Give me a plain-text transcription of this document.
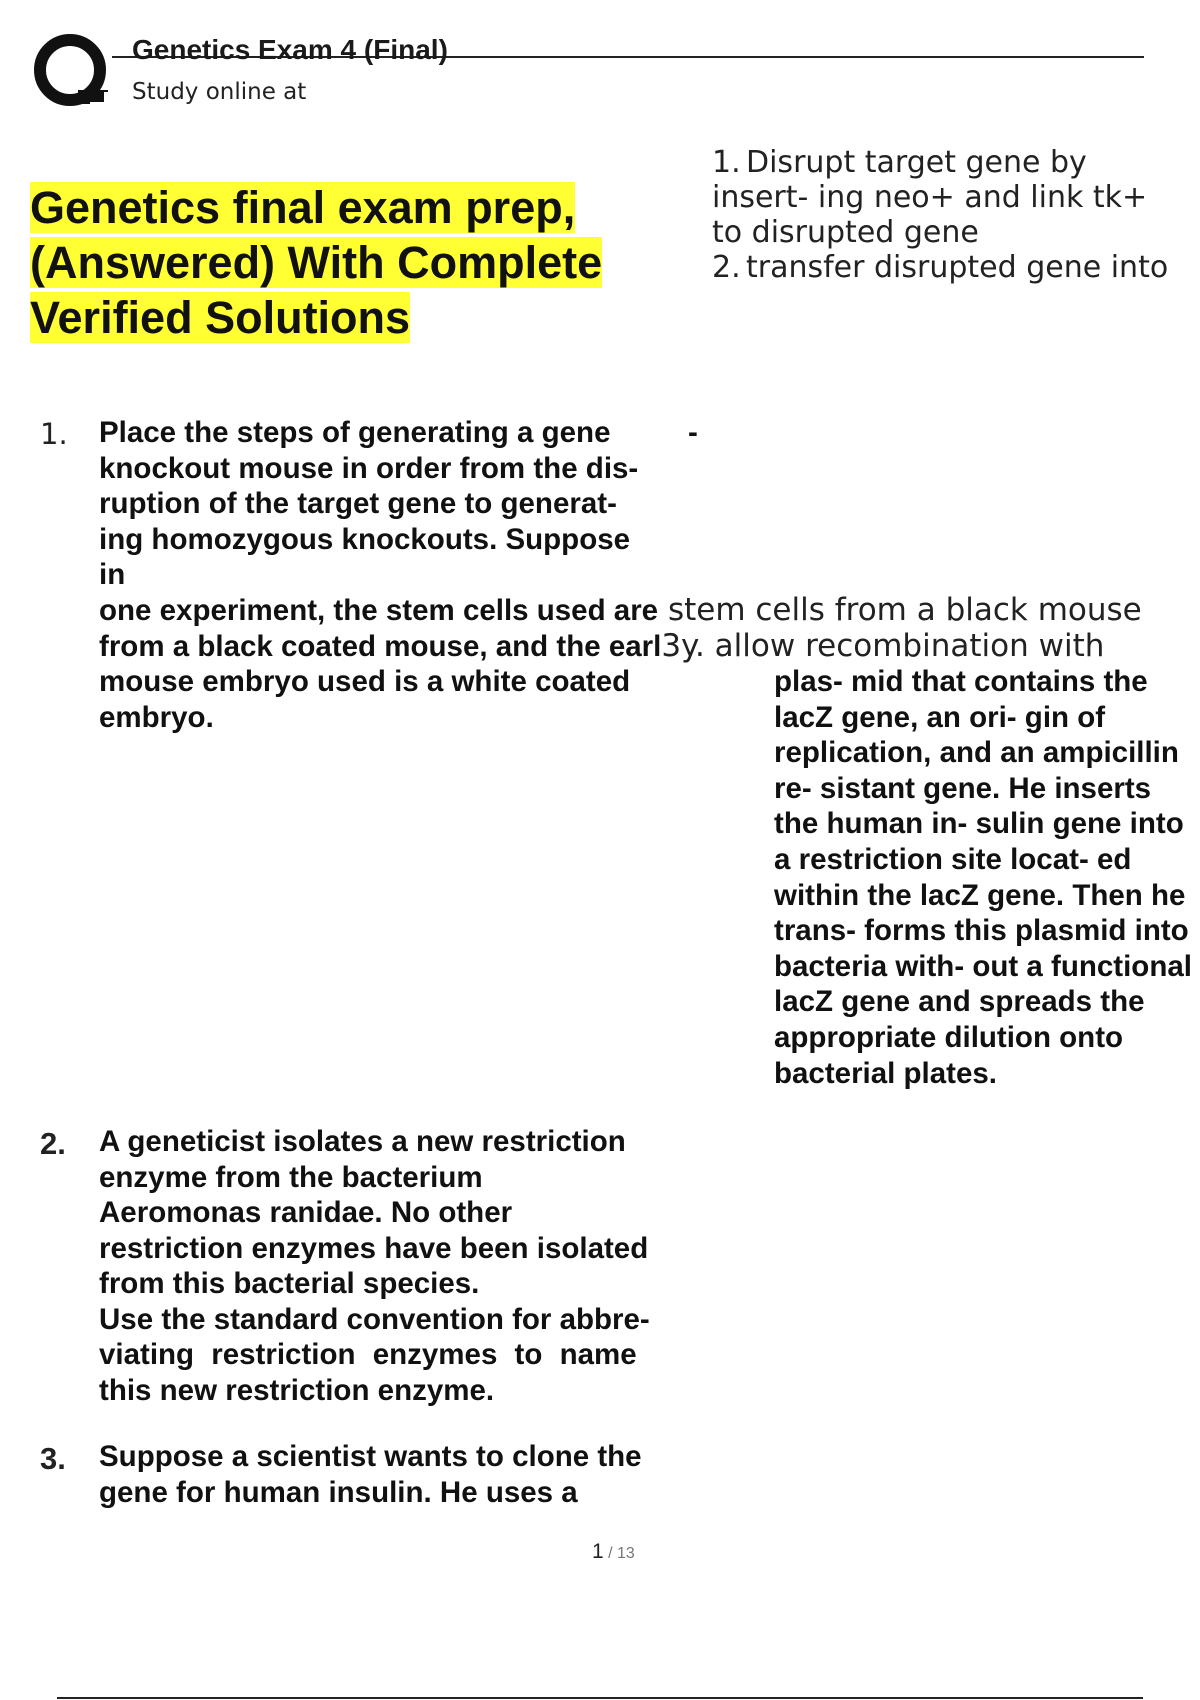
Genetics Exam 4 (Final)
Study online at
Genetics final exam prep,
(Answered) With Complete
Verified Solutions
1. Disrupt target gene by
insert- ing neo+ and link tk+
to disrupted gene
2. transfer disrupted gene into
1. Place the steps of generating a gene
knockout mouse in order from the dis-
ruption of the target gene to generat-
ing homozygous knockouts. Suppose
in
-
one experiment, the stem cells used are stem cells from a black mouse
from a black coated mouse, and the earl3y. allow recombination with
mouse embryo used is a white coated
embryo.
plas- mid that contains the
lacZ gene, an ori- gin of
replication, and an ampicillin
re- sistant gene. He inserts
the human in- sulin gene into
a restriction site locat- ed
within the lacZ gene. Then he
trans- forms this plasmid into
bacteria with- out a functional
lacZ gene and spreads the
appropriate dilution onto
bacterial plates.
2. A geneticist isolates a new restriction
enzyme from the bacterium
Aeromonas ranidae. No other
restriction enzymes have been isolated
from this bacterial species.
Use the standard convention for abbre-
viating restriction enzymes to name
this new restriction enzyme.
3. Suppose a scientist wants to clone the
gene for human insulin. He uses a
1 / 13
